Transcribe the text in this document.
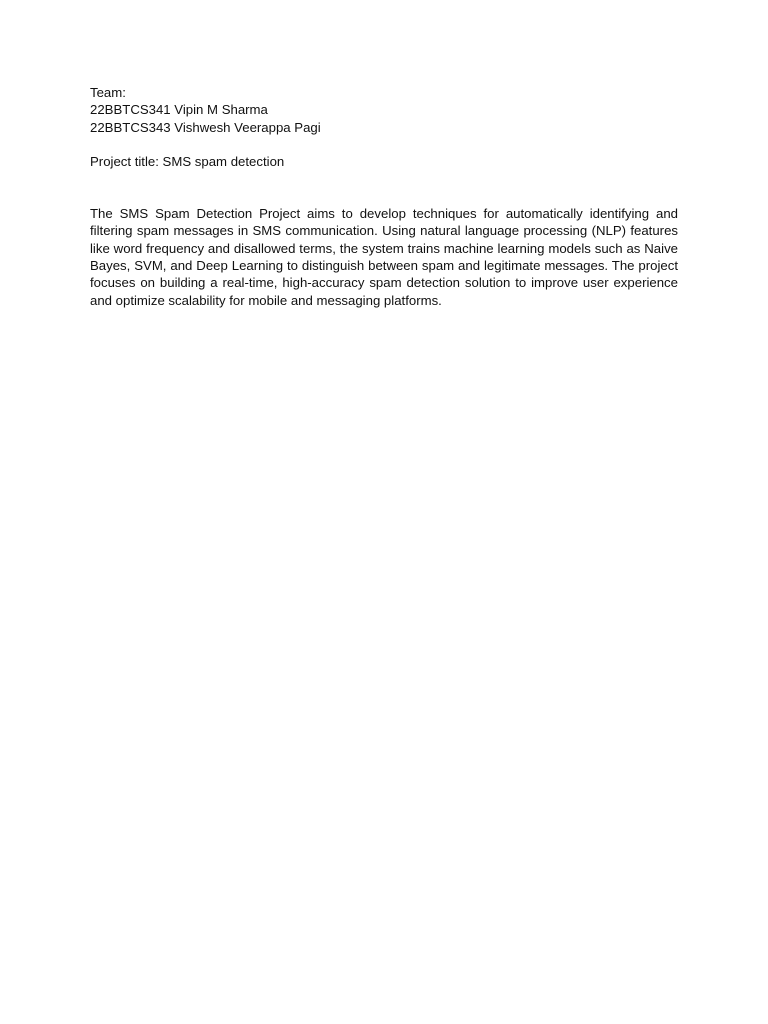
Team:
22BBTCS341 Vipin M Sharma
22BBTCS343 Vishwesh Veerappa Pagi
Project title: SMS spam detection

The SMS Spam Detection Project aims to develop techniques for automatically identifying and filtering spam messages in SMS communication. Using natural language processing (NLP) features like word frequency and disallowed terms, the system trains machine learning models such as Naive Bayes, SVM, and Deep Learning to distinguish between spam and legitimate messages. The project focuses on building a real-time, high-accuracy spam detection solution to improve user experience and optimize scalability for mobile and messaging platforms.
